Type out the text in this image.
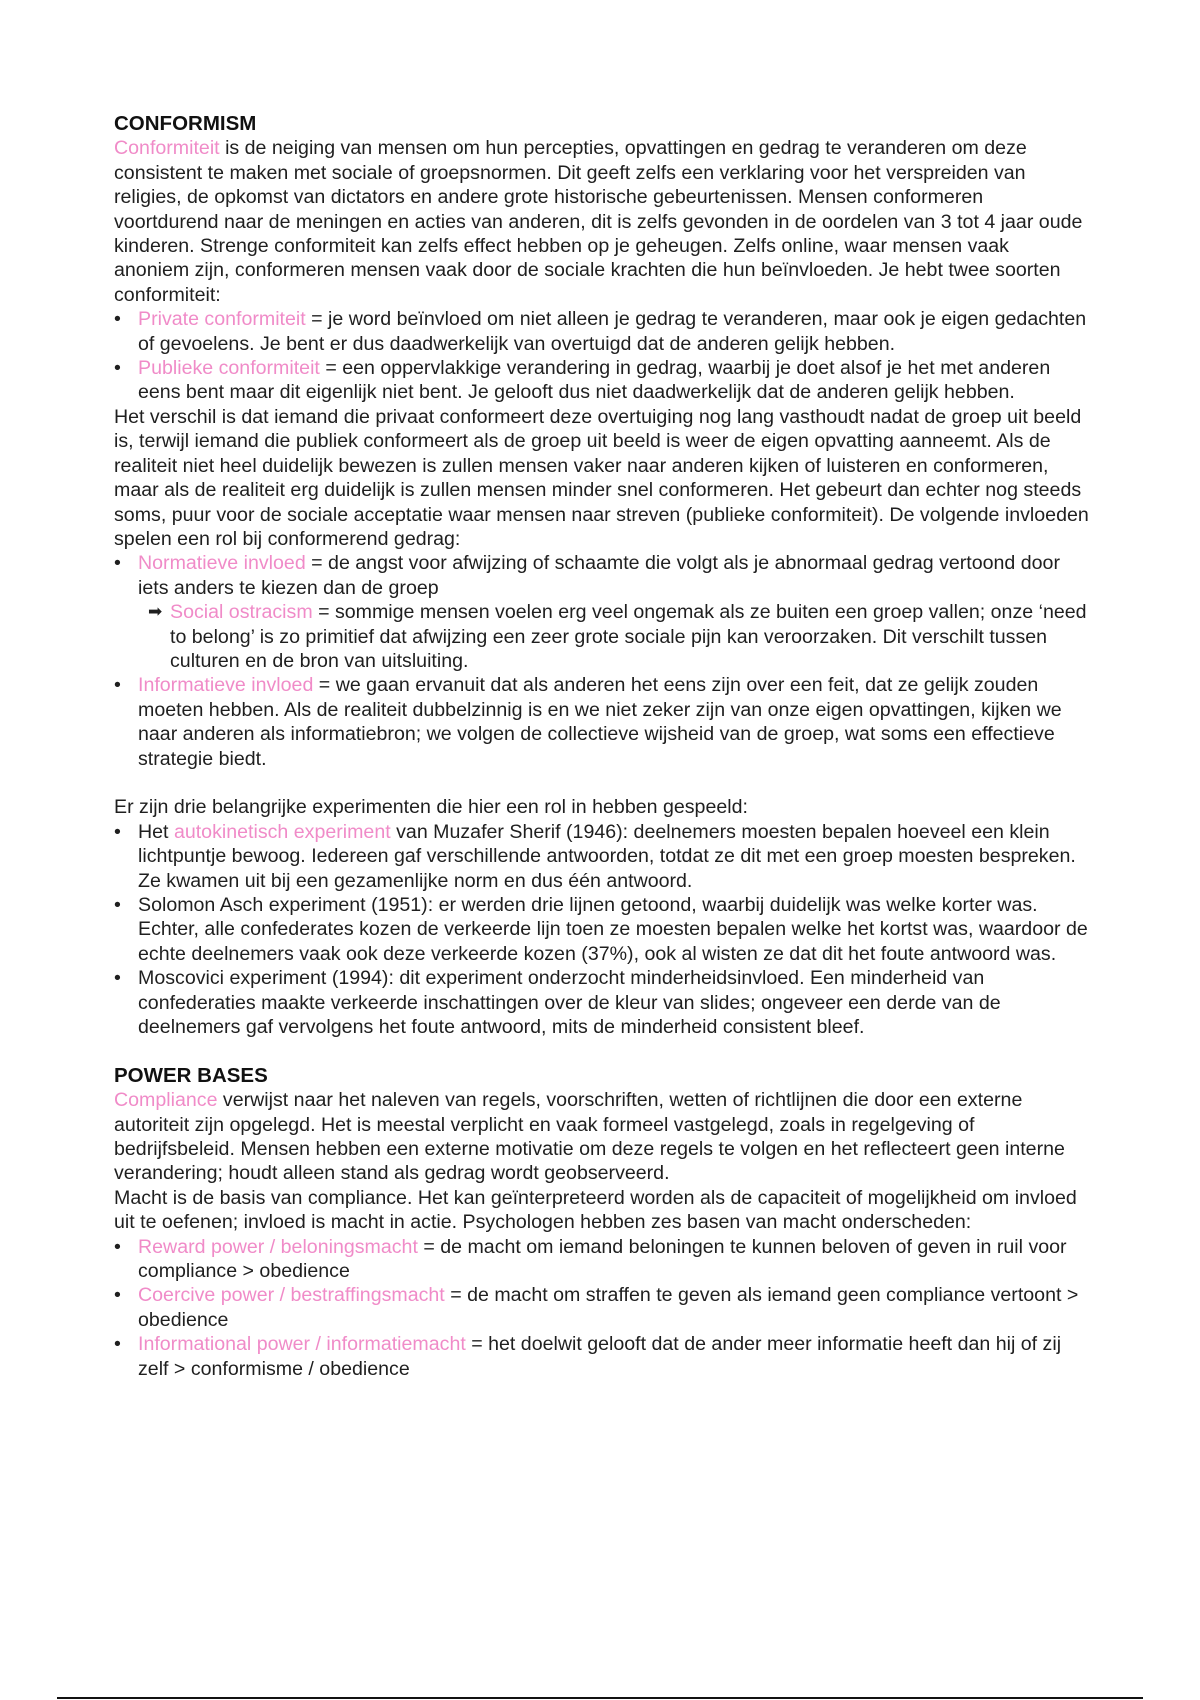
CONFORMISM

Conformiteit is de neiging van mensen om hun percepties, opvattingen en gedrag te veranderen om deze consistent te maken met sociale of groepsnormen. Dit geeft zelfs een verklaring voor het verspreiden van religies, de opkomst van dictators en andere grote historische gebeurtenissen. Mensen conformeren voortdurend naar de meningen en acties van anderen, dit is zelfs gevonden in de oordelen van 3 tot 4 jaar oude kinderen. Strenge conformiteit kan zelfs effect hebben op je geheugen. Zelfs online, waar mensen vaak anoniem zijn, conformeren mensen vaak door de sociale krachten die hun beïnvloeden. Je hebt twee soorten conformiteit:

• Private conformiteit = je word beïnvloed om niet alleen je gedrag te veranderen, maar ook je eigen gedachten of gevoelens. Je bent er dus daadwerkelijk van overtuigd dat de anderen gelijk hebben.
• Publieke conformiteit = een oppervlakkige verandering in gedrag, waarbij je doet alsof je het met anderen eens bent maar dit eigenlijk niet bent. Je gelooft dus niet daadwerkelijk dat de anderen gelijk hebben.

Het verschil is dat iemand die privaat conformeert deze overtuiging nog lang vasthoudt nadat de groep uit beeld is, terwijl iemand die publiek conformeert als de groep uit beeld is weer de eigen opvatting aanneemt. Als de realiteit niet heel duidelijk bewezen is zullen mensen vaker naar anderen kijken of luisteren en conformeren, maar als de realiteit erg duidelijk is zullen mensen minder snel conformeren. Het gebeurt dan echter nog steeds soms, puur voor de sociale acceptatie waar mensen naar streven (publieke conformiteit). De volgende invloeden spelen een rol bij conformerend gedrag:

• Normatieve invloed = de angst voor afwijzing of schaamte die volgt als je abnormaal gedrag vertoond door iets anders te kiezen dan de groep
➡ Social ostracism = sommige mensen voelen erg veel ongemak als ze buiten een groep vallen; onze ‘need to belong’ is zo primitief dat afwijzing een zeer grote sociale pijn kan veroorzaken. Dit verschilt tussen culturen en de bron van uitsluiting.
• Informatieve invloed = we gaan ervanuit dat als anderen het eens zijn over een feit, dat ze gelijk zouden moeten hebben. Als de realiteit dubbelzinnig is en we niet zeker zijn van onze eigen opvattingen, kijken we naar anderen als informatiebron; we volgen de collectieve wijsheid van de groep, wat soms een effectieve strategie biedt.

Er zijn drie belangrijke experimenten die hier een rol in hebben gespeeld:

• Het autokinetisch experiment van Muzafer Sherif (1946): deelnemers moesten bepalen hoeveel een klein lichtpuntje bewoog. Iedereen gaf verschillende antwoorden, totdat ze dit met een groep moesten bespreken. Ze kwamen uit bij een gezamenlijke norm en dus één antwoord.
• Solomon Asch experiment (1951): er werden drie lijnen getoond, waarbij duidelijk was welke korter was. Echter, alle confederates kozen de verkeerde lijn toen ze moesten bepalen welke het kortst was, waardoor de echte deelnemers vaak ook deze verkeerde kozen (37%), ook al wisten ze dat dit het foute antwoord was.
• Moscovici experiment (1994): dit experiment onderzocht minderheidsinvloed. Een minderheid van confederaties maakte verkeerde inschattingen over de kleur van slides; ongeveer een derde van de deelnemers gaf vervolgens het foute antwoord, mits de minderheid consistent bleef.
POWER BASES

Compliance verwijst naar het naleven van regels, voorschriften, wetten of richtlijnen die door een externe autoriteit zijn opgelegd. Het is meestal verplicht en vaak formeel vastgelegd, zoals in regelgeving of bedrijfsbeleid. Mensen hebben een externe motivatie om deze regels te volgen en het reflecteert geen interne verandering; houdt alleen stand als gedrag wordt geobserveerd.

Macht is de basis van compliance. Het kan geïnterpreteerd worden als de capaciteit of mogelijkheid om invloed uit te oefenen; invloed is macht in actie. Psychologen hebben zes basen van macht onderscheden:

• Reward power / beloningsmacht = de macht om iemand beloningen te kunnen beloven of geven in ruil voor compliance > obedience
• Coercive power / bestraffingsmacht = de macht om straffen te geven als iemand geen compliance vertoont > obedience
• Informational power / informatiemacht = het doelwit gelooft dat de ander meer informatie heeft dan hij of zij zelf > conformisme / obedience
